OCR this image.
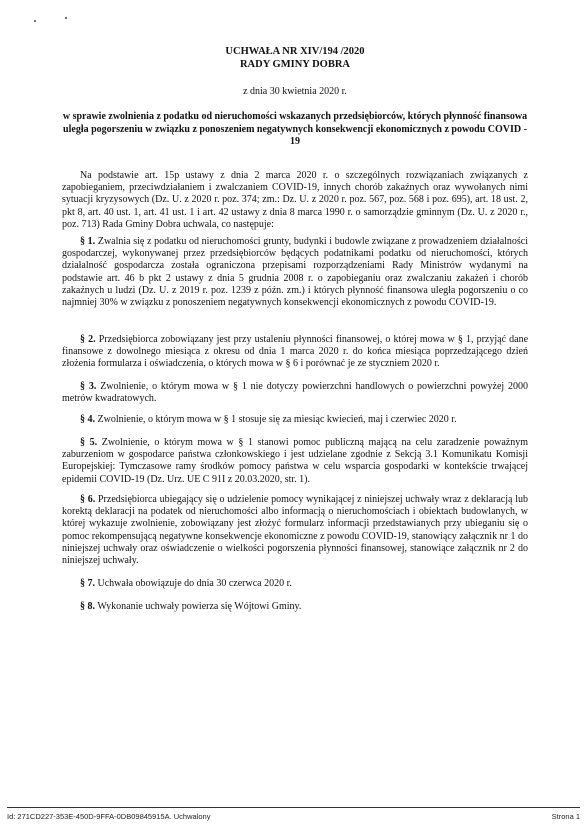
UCHWAŁA NR XIV/194 /2020
RADY GMINY DOBRA
z dnia 30 kwietnia 2020 r.
w sprawie zwolnienia z podatku od nieruchomości wskazanych przedsiębiorców, których płynność finansowa uległa pogorszeniu w związku z ponoszeniem negatywnych konsekwencji ekonomicznych z powodu COVID - 19
Na podstawie art. 15p ustawy z dnia 2 marca 2020 r. o szczególnych rozwiązaniach związanych z zapobieganiem, przeciwdziałaniem i zwalczaniem COVID-19, innych chorób zakaźnych oraz wywołanych nimi sytuacji kryzysowych (Dz. U. z 2020 r. poz. 374; zm.: Dz. U. z 2020 r. poz. 567, poz. 568 i poz. 695), art. 18 ust. 2, pkt 8, art. 40 ust. 1, art. 41 ust. 1 i art. 42 ustawy z dnia 8 marca 1990 r. o samorządzie gminnym (Dz. U. z 2020 r., poz. 713) Rada Gminy Dobra uchwala, co następuje:
§ 1. Zwalnia się z podatku od nieruchomości grunty, budynki i budowle związane z prowadzeniem działalności gospodarczej, wykonywanej przez przedsiębiorców będących podatnikami podatku od nieruchomości, których działalność gospodarcza została ograniczona przepisami rozporządzeniami Rady Ministrów wydanymi na podstawie art. 46 b pkt 2 ustawy z dnia 5 grudnia 2008 r. o zapobieganiu oraz zwalczaniu zakażeń i chorób zakaźnych u ludzi (Dz. U. z 2019 r. poz. 1239 z późn. zm.) i których płynność finansowa uległa pogorszeniu o co najmniej 30% w związku z ponoszeniem negatywnych konsekwencji ekonomicznych z powodu COVID-19.
§ 2. Przedsiębiorca zobowiązany jest przy ustaleniu płynności finansowej, o której mowa w § 1, przyjąć dane finansowe z dowolnego miesiąca z okresu od dnia 1 marca 2020 r. do końca miesiąca poprzedzającego dzień złożenia formularza i oświadczenia, o których mowa w § 6 i porównać je ze styczniem 2020 r.
§ 3. Zwolnienie, o którym mowa w § 1 nie dotyczy powierzchni handlowych o powierzchni powyżej 2000 metrów kwadratowych.
§ 4. Zwolnienie, o którym mowa w § 1 stosuje się za miesiąc kwiecień, maj i czerwiec 2020 r.
§ 5. Zwolnienie, o którym mowa w § 1 stanowi pomoc publiczną mającą na celu zaradzenie poważnym zaburzeniom w gospodarce państwa członkowskiego i jest udzielane zgodnie z Sekcją 3.1 Komunikatu Komisji Europejskiej: Tymczasowe ramy środków pomocy państwa w celu wsparcia gospodarki w kontekście trwającej epidemii COVID-19 (Dz. Urz. UE C 91I z 20.03.2020, str. 1).
§ 6. Przedsiębiorca ubiegający się o udzielenie pomocy wynikającej z niniejszej uchwały wraz z deklaracją lub korektą deklaracji na podatek od nieruchomości albo informacją o nieruchomościach i obiektach budowlanych, w której wykazuje zwolnienie, zobowiązany jest złożyć formularz informacji przedstawianych przy ubieganiu się o pomoc rekompensującą negatywne konsekwencje ekonomiczne z powodu COVID-19, stanowiący załącznik nr 1 do niniejszej uchwały oraz oświadczenie o wielkości pogorszenia płynności finansowej, stanowiące załącznik nr 2 do niniejszej uchwały.
§ 7. Uchwała obowiązuje do dnia 30 czerwca 2020 r.
§ 8. Wykonanie uchwały powierza się Wójtowi Gminy.
Id: 271CD227-353E-450D-9FFA-0DB09845915A. Uchwalony	Strona 1
